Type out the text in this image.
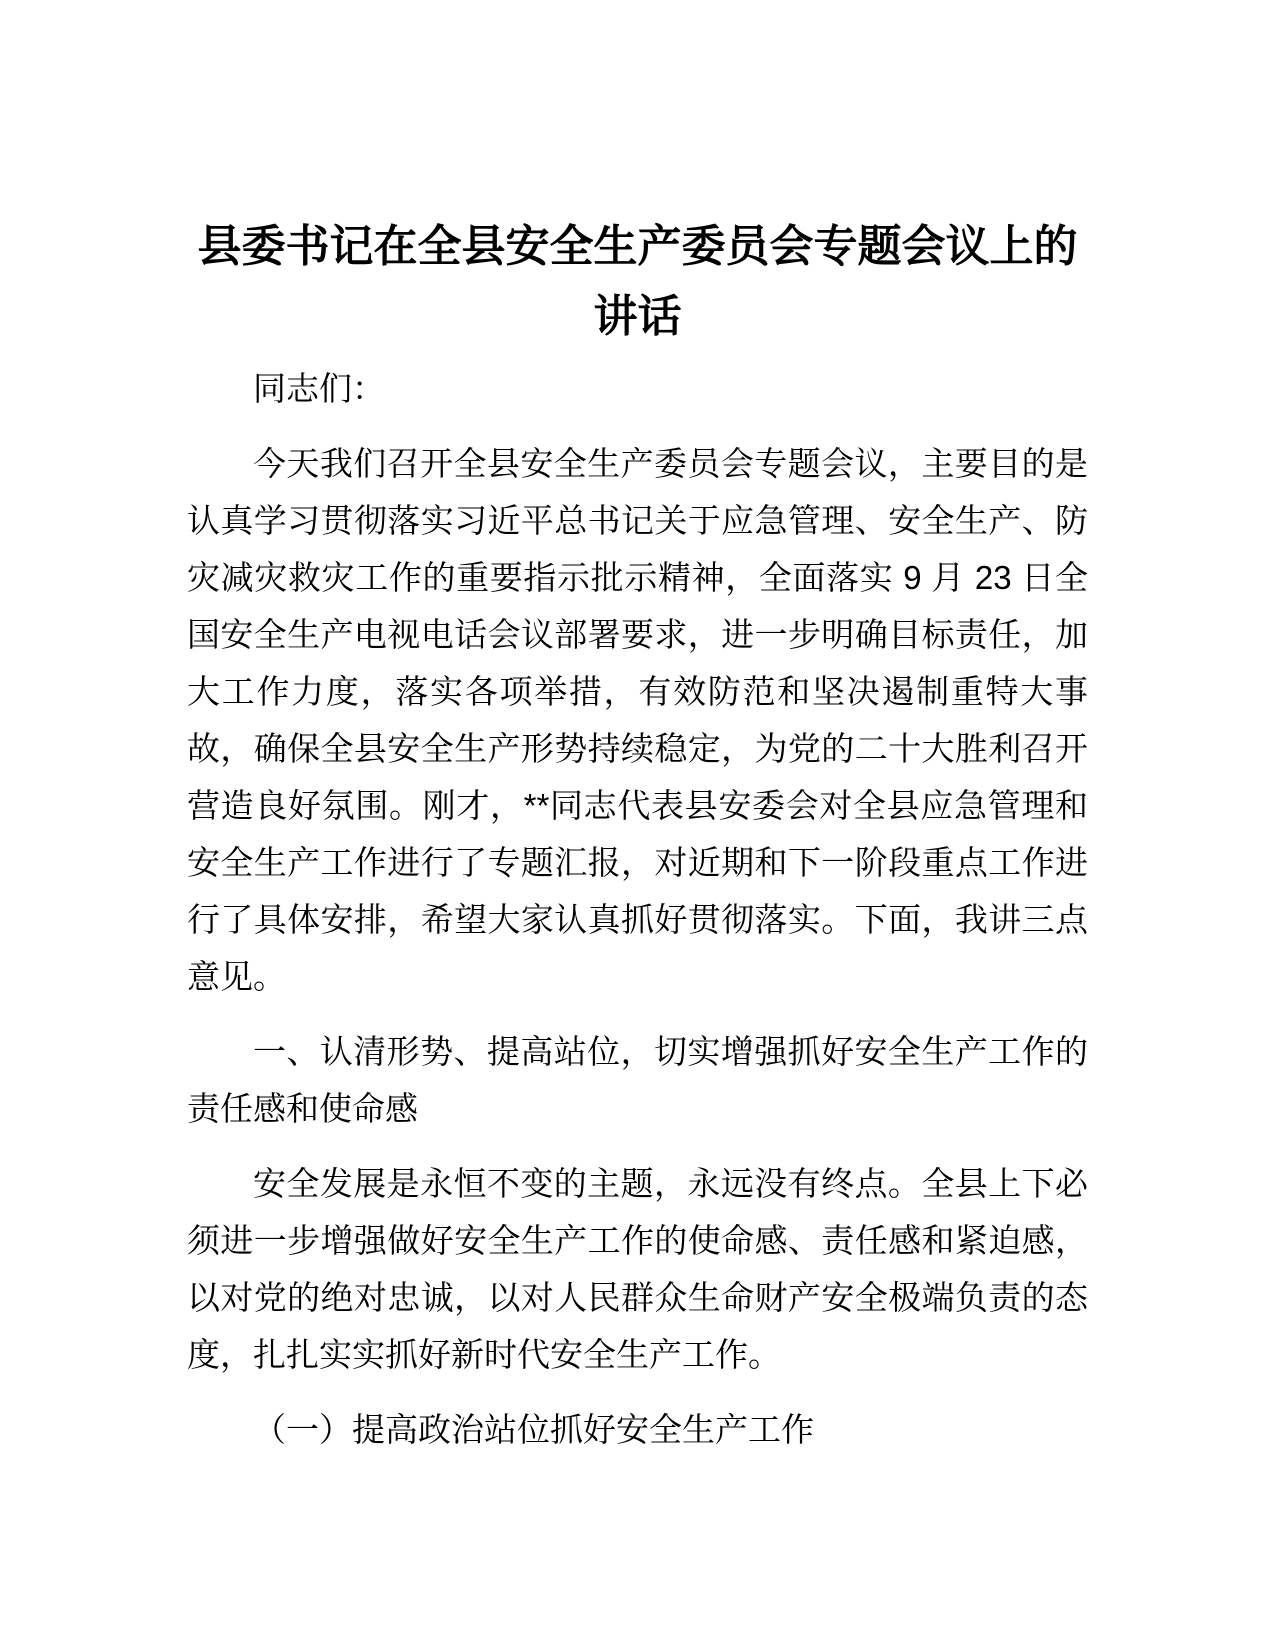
县委书记在全县安全生产委员会专题会议上的
讲话
同志们：
今天我们召开全县安全生产委员会专题会议，主要目的是
认真学习贯彻落实习近平总书记关于应急管理、安全生产、防
灾减灾救灾工作的重要指示批示精神，全面落实 9 月 23 日全
国安全生产电视电话会议部署要求，进一步明确目标责任，加
大工作力度，落实各项举措，有效防范和坚决遏制重特大事
故，确保全县安全生产形势持续稳定，为党的二十大胜利召开
营造良好氛围。刚才，**同志代表县安委会对全县应急管理和
安全生产工作进行了专题汇报，对近期和下一阶段重点工作进
行了具体安排，希望大家认真抓好贯彻落实。下面，我讲三点
意见。
一、认清形势、提高站位，切实增强抓好安全生产工作的
责任感和使命感
安全发展是永恒不变的主题，永远没有终点。全县上下必
须进一步增强做好安全生产工作的使命感、责任感和紧迫感，
以对党的绝对忠诚，以对人民群众生命财产安全极端负责的态
度，扎扎实实抓好新时代安全生产工作。
（一）提高政治站位抓好安全生产工作
